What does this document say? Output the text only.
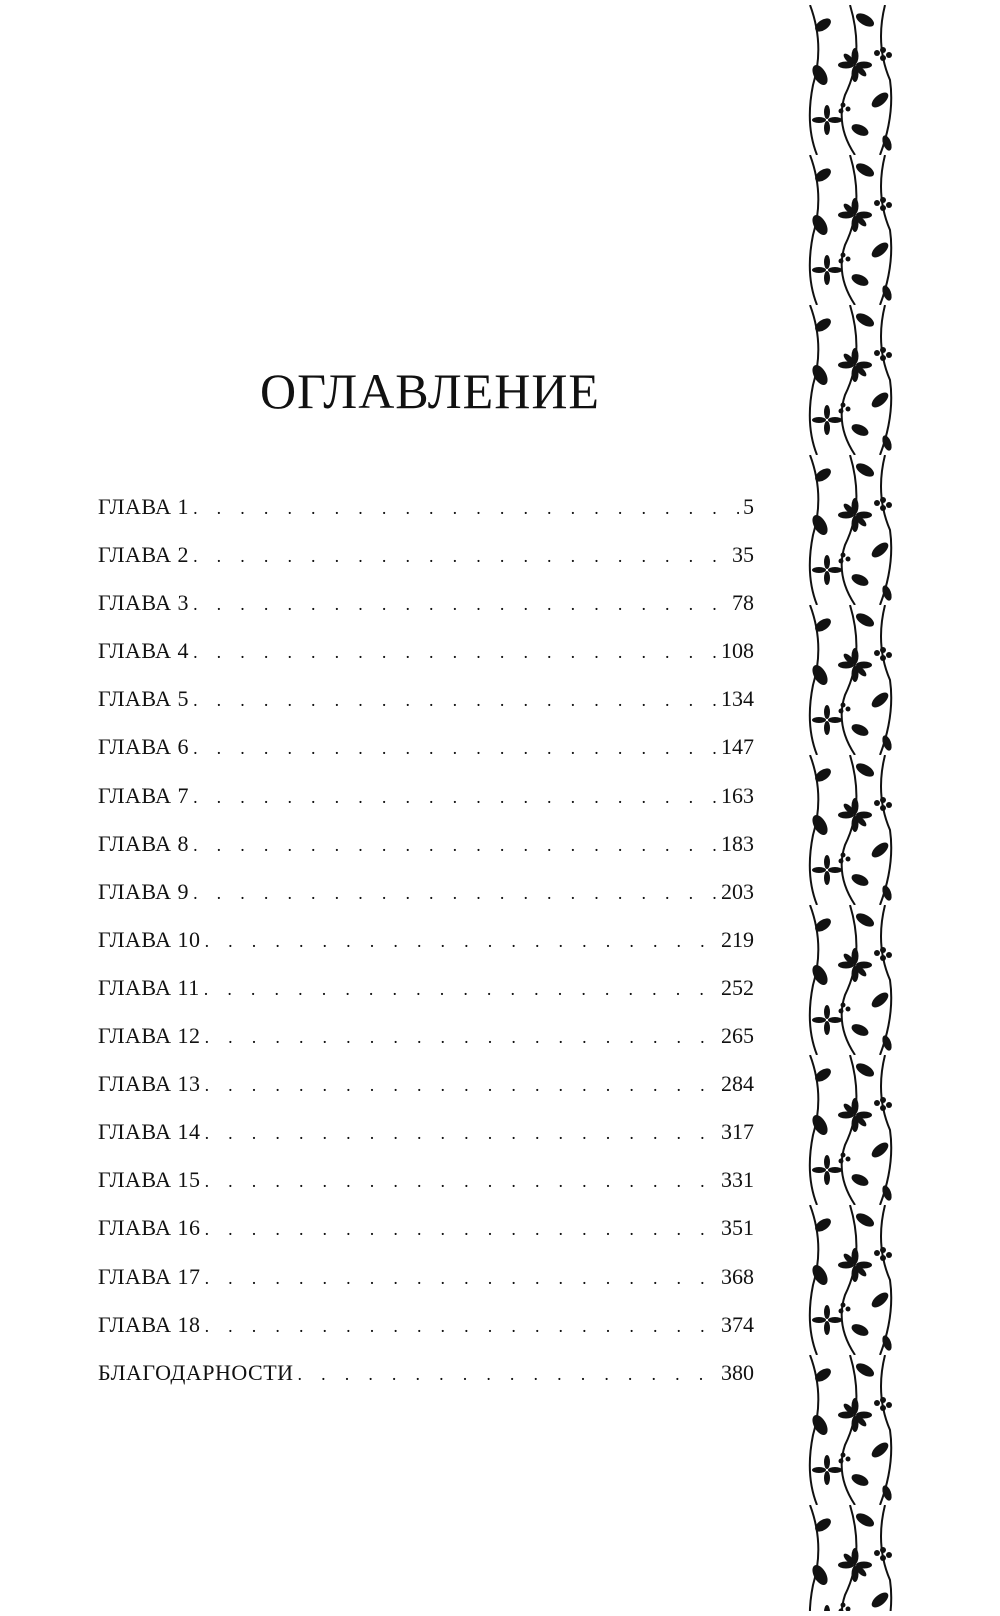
ОГЛАВЛЕНИЕ
ГЛАВА 1 . . .	5
ГЛАВА 2 . . .	35
ГЛАВА 3 . . .	78
ГЛАВА 4 . . .	108
ГЛАВА 5 . . .	134
ГЛАВА 6 . . .	147
ГЛАВА 7 . . .	163
ГЛАВА 8 . . .	183
ГЛАВА 9 . . .	203
ГЛАВА 10 . . .	219
ГЛАВА 11 . . .	252
ГЛАВА 12 . . .	265
ГЛАВА 13 . . .	284
ГЛАВА 14 . . .	317
ГЛАВА 15 . . .	331
ГЛАВА 16 . . .	351
ГЛАВА 17 . . .	368
ГЛАВА 18 . . .	374
БЛАГОДАРНОСТИ . . .	380
